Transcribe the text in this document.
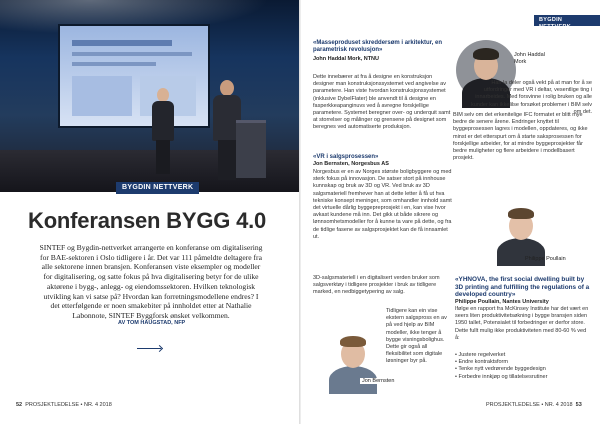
BYGDIN NETTVERK
Konferansen BYGG 4.0
SINTEF og Bygdin-nettverket arrangerte en konferanse om digitalisering for BAE-sektoren i Oslo tidligere i år. Det var 111 påmeldte deltagere fra alle sektorene innen bransjen. Konferansen viste eksempler og modeller for digitalisering, og satte fokus på hva digitalisering betyr for de ulike aktørene i bygg-, anlegg- og eiendomssektoren. Hvilken teknologisk utvikling kan vi satse på? Hvordan kan forretningsmodellene endres? I det etterfølgende er noen smakebiter på innholdet etter at Nathalie Labonnote, SINTEF Byggforsk ønsket velkommen.
AV TOM HAUGSTAD, NFP
52 PROSJEKTLEDELSE • NR. 4 2018
BYGDIN NETTVERK
«Masseproduset skreddersøm i arkitektur, en parametrisk revolusjon»
John Haddal Mork, NTNU
Dette innebærer at fra å designe en konstruksjon designer man konstruksjonssystemet ved angivelse av parametere. Han viste hvordan konstruksjonssystemet (inklusive DybelFlater) ble anvendt til å designe en fasperkkeapanginuvs ved å avregne forskjellige parametere. Systemet beregner over- og underquit samt at storrelser og målinger og grensene på designet som beregnes ved automatiserte produksjon.
John Haddal Mork
Han la deler også vekt på at man for å se utfordringer med VR i deltar, vesentlige ting i innarbeides. Med forsvinne i rolig bruken og alle kunder kan ikkelilse forsøket problemer i BIM selv om det.
BIM selv om det erkenitelige IFC formatet er blitt mye bedre de senere årene. Endringer knyttet til byggeprosessen lagres i modellen, oppdateres, og ikke minst er det etterspurt om å starte saksprosessen for forskjellige arbeider, for at mindre byggeprosjekter får bedre muligheter og flere arbeidere i modellbasert prosjekt.
«VR i salgsprosessen»
Jon Bernsten, Norgesbus AS
Norgesbus er en av Norges største boligbyggere og med sterk fokus på innovasjon. De satser stort på innhouse kunnskap og bruk av 3D og VR. Ved bruk av 3D salgsmateriell fremhever han at dette letter å få ut hva tekniske konsept meninger, som omhandler innhold samt det virtuelle dårlig byggepreprosjekt i en, kan vise hvor avkast kundene må inn. Det gikk ut både sikrere og lønnsomhetsmodeller for å kunne ta vare på dette, og fra de tidlige fasene av salgsprosjektet kan de få innsamlet ut.
3D-salgsmateriell i en digitalisert verden bruker som salgsverktøy i tidligere prosjekter i bruk av tidligere marked, en nedbiggetypering av salg.
Tidligere kan ein vise ekstern salgspross en av på ved hjelp av BIM modeller, ikke tenger å bygge visningsbolighus. Dette gir også all fleksibilitet som digitale løsninger byr på.
Jon Bernsten
Philippe Poullain
«YHNOVA, the first social dwelling built by 3D printing and fulfilling the regulations of a developed country»
Philippe Poullain, Nantes University
Ifølge en rapport fra McKinsey Institute har det vært en seers liten produktivitetsøkning i bygge bransjen siden 1950 tallet, Potensialet til forbedringer er derfor store. Dette fullt mulig ikke produktiviteten med 80-60 % ved å:
• Justere regelverket
• Endre kontraktsform
• Tenke nytt vedrørende byggedesign
• Forbedre innkjøp og tillatelsesrutiner
PROSJEKTLEDELSE • NR. 4 2018 53
